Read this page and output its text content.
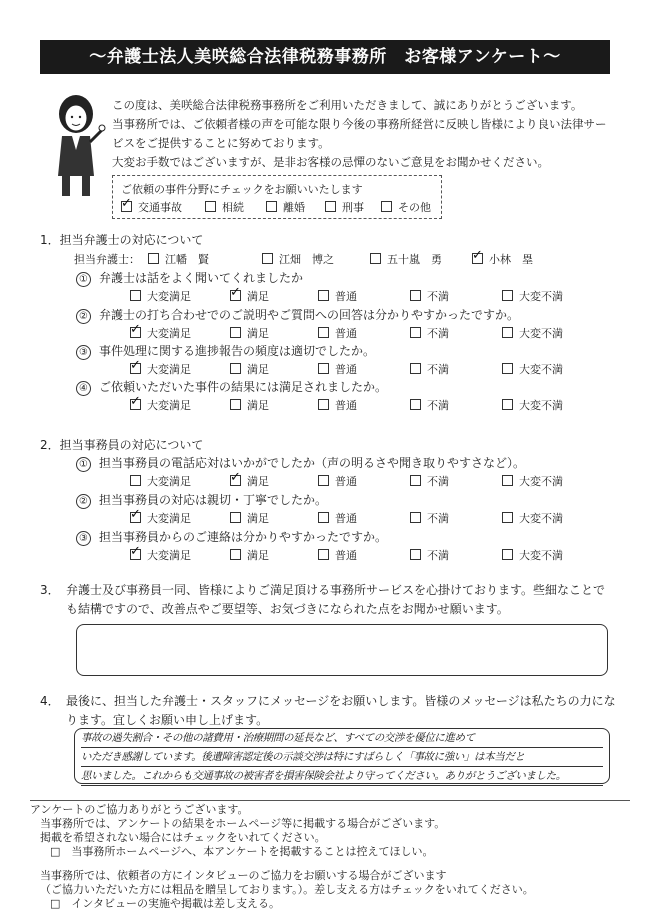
〜弁護士法人美咲総合法律税務事務所　お客様アンケート〜
この度は、美咲総合法律税務事務所をご利用いただきまして、誠にありがとうございます。
当事務所では、ご依頼者様の声を可能な限り今後の事務所経営に反映し皆様により良い法律サー
ビスをご提供することに努めております。
大変お手数ではございますが、是非お客様の忌憚のないご意見をお聞かせください。
ご依頼の事件分野にチェックをお願いいたします
✓交通事故	相続	離婚	刑事	その他
1．担当弁護士の対応について
担当弁護士：	江幡　賢	江畑　博之	五十嵐　勇 ✓	小林　塁
① 弁護士は話をよく聞いてくれましたか
大変満足 ✓	満足	普通	不満	大変不満
② 弁護士の打ち合わせでのご説明やご質問への回答は分かりやすかったですか。
✓大変満足	満足	普通	不満	大変不満
③ 事件処理に関する進捗報告の頻度は適切でしたか。
✓大変満足	満足	普通	不満	大変不満
④ ご依頼いただいた事件の結果には満足されましたか。
✓大変満足	満足	普通	不満	大変不満
2．担当事務員の対応について
① 担当事務員の電話応対はいかがでしたか（声の明るさや聞き取りやすさなど）。
大変満足 ✓	満足	普通	不満	大変不満
② 担当事務員の対応は親切・丁寧でしたか。
✓大変満足	満足	普通	不満	大変不満
③ 担当事務員からのご連絡は分かりやすかったですか。
✓大変満足	満足	普通	不満	大変不満
3． 弁護士及び事務員一同、皆様によりご満足頂ける事務所サービスを心掛けております。些細なことで
も結構ですので、改善点やご要望等、お気づきになられた点をお聞かせ願います。
4． 最後に、担当した弁護士・スタッフにメッセージをお願いします。皆様のメッセージは私たちの力にな
ります。宜しくお願い申し上げます。
事故の過失割合・その他の諸費用・治療期間の延長など、すべての交渉を優位に進めて
いただき感謝しています。後遺障害認定後の示談交渉は特にすばらしく「事故に強い」は本当だと
思いました。これからも交通事故の被害者を損害保険会社より守ってください。ありがとうございました。
アンケートのご協力ありがとうございます。
当事務所では、アンケートの結果をホームページ等に掲載する場合がございます。
掲載を希望されない場合にはチェックをいれてください。
□　当事務所ホームページへ、本アンケートを掲載することは控えてほしい。
当事務所では、依頼者の方にインタビューのご協力をお願いする場合がございます
（ご協力いただいた方には粗品を贈呈しております。）。差し支える方はチェックをいれてください。
□　インタビューの実施や掲載は差し支える。
